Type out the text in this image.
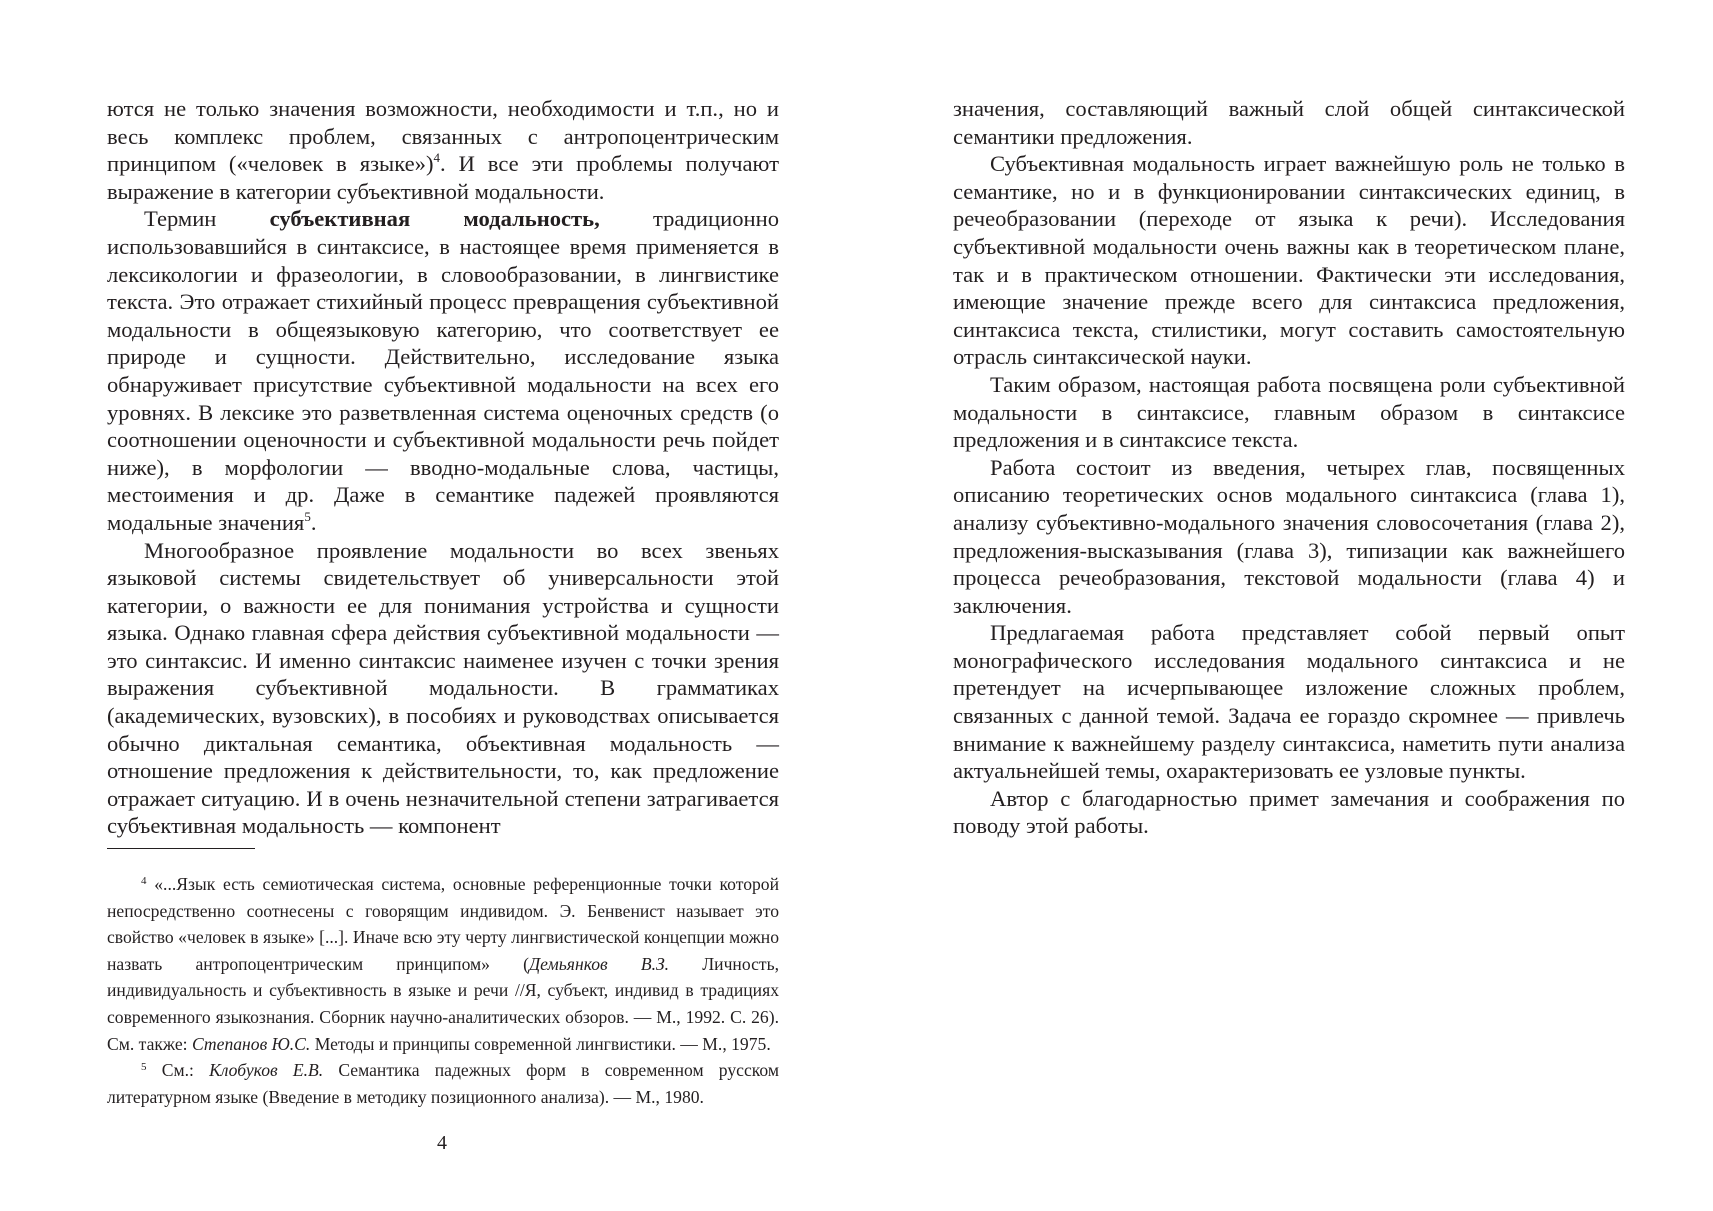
ются не только значения возможности, необходимости и т.п., но и весь комплекс проблем, связанных с антропоцентрическим принципом («человек в языке»)$^4$. И все эти проблемы получают выражение в категории субъективной модальности.

Термин субъективная модальность, традиционно использовавшийся в синтаксисе, в настоящее время применяется в лексикологии и фразеологии, в словообразовании, в лингвистике текста. Это отражает стихийный процесс превращения субъективной модальности в общеязыковую категорию, что соответствует ее природе и сущности. Действительно, исследование языка обнаруживает присутствие субъективной модальности на всех его уровнях. В лексике это разветвленная система оценочных средств (о соотношении оценочности и субъективной модальности речь пойдет ниже), в морфологии — вводно-модальные слова, частицы, местоимения и др. Даже в семантике падежей проявляются модальные значения$^5$.

Многообразное проявление модальности во всех звеньях языковой системы свидетельствует об универсальности этой категории, о важности ее для понимания устройства и сущности языка. Однако главная сфера действия субъективной модальности — это синтаксис. И именно синтаксис наименее изучен с точки зрения выражения субъективной модальности. В грамматиках (академических, вузовских), в пособиях и руководствах описывается обычно диктальная семантика, объективная модальность — отношение предложения к действительности, то, как предложение отражает ситуацию. И в очень незначительной степени затрагивается субъективная модальность — компонент

$^4$ «...Язык есть семиотическая система, основные референционные точки которой непосредственно соотнесены с говорящим индивидом. Э. Бенвенист называет это свойство «человек в языке» [...]. Иначе всю эту черту лингвистической концепции можно назвать антропоцентрическим принципом» (Демьянков В.З. Личность, индивидуальность и субъективность в языке и речи //Я, субъект, индивид в традициях современного языкознания. Сборник научно-аналитических обзоров. — М., 1992. С. 26). См. также: Степанов Ю.С. Методы и принципы современной лингвистики. — М., 1975.

$^5$ См.: Клобуков Е.В. Семантика падежных форм в современном русском литературном языке (Введение в методику позиционного анализа). — М., 1980.

4

значения, составляющий важный слой общей синтаксической семантики предложения.

Субъективная модальность играет важнейшую роль не только в семантике, но и в функционировании синтаксических единиц, в речеобразовании (переходе от языка к речи). Исследования субъективной модальности очень важны как в теоретическом плане, так и в практическом отношении. Фактически эти исследования, имеющие значение прежде всего для синтаксиса предложения, синтаксиса текста, стилистики, могут составить самостоятельную отрасль синтаксической науки.

Таким образом, настоящая работа посвящена роли субъективной модальности в синтаксисе, главным образом в синтаксисе предложения и в синтаксисе текста.

Работа состоит из введения, четырех глав, посвященных описанию теоретических основ модального синтаксиса (глава 1), анализу субъективно-модального значения словосочетания (глава 2), предложения-высказывания (глава 3), типизации как важнейшего процесса речеобразования, текстовой модальности (глава 4) и заключения.

Предлагаемая работа представляет собой первый опыт монографического исследования модального синтаксиса и не претендует на исчерпывающее изложение сложных проблем, связанных с данной темой. Задача ее гораздо скромнее — привлечь внимание к важнейшему разделу синтаксиса, наметить пути анализа актуальнейшей темы, охарактеризовать ее узловые пункты.

Автор с благодарностью примет замечания и соображения по поводу этой работы.
